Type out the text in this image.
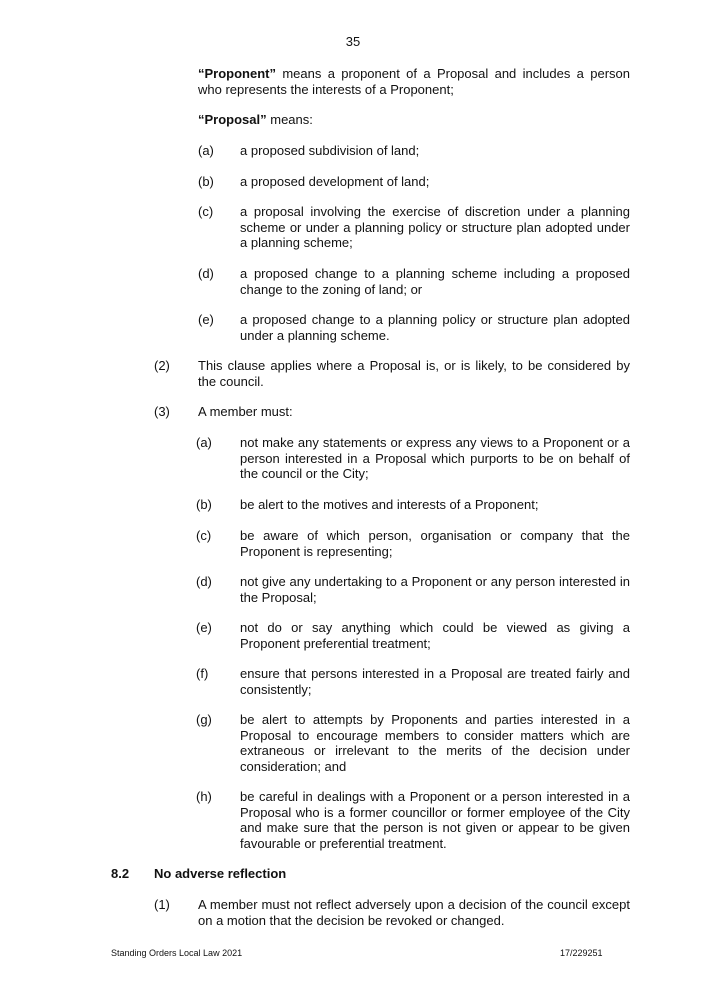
35
“Proponent” means a proponent of a Proposal and includes a person who represents the interests of a Proponent;
“Proposal” means:
(a) a proposed subdivision of land;
(b) a proposed development of land;
(c) a proposal involving the exercise of discretion under a planning scheme or under a planning policy or structure plan adopted under a planning scheme;
(d) a proposed change to a planning scheme including a proposed change to the zoning of land; or
(e) a proposed change to a planning policy or structure plan adopted under a planning scheme.
(2) This clause applies where a Proposal is, or is likely, to be considered by the council.
(3) A member must:
(a) not make any statements or express any views to a Proponent or a person interested in a Proposal which purports to be on behalf of the council or the City;
(b) be alert to the motives and interests of a Proponent;
(c) be aware of which person, organisation or company that the Proponent is representing;
(d) not give any undertaking to a Proponent or any person interested in the Proposal;
(e) not do or say anything which could be viewed as giving a Proponent preferential treatment;
(f) ensure that persons interested in a Proposal are treated fairly and consistently;
(g) be alert to attempts by Proponents and parties interested in a Proposal to encourage members to consider matters which are extraneous or irrelevant to the merits of the decision under consideration; and
(h) be careful in dealings with a Proponent or a person interested in a Proposal who is a former councillor or former employee of the City and make sure that the person is not given or appear to be given favourable or preferential treatment.
8.2 No adverse reflection
(1) A member must not reflect adversely upon a decision of the council except on a motion that the decision be revoked or changed.
Standing Orders Local Law 2021	17/229251
